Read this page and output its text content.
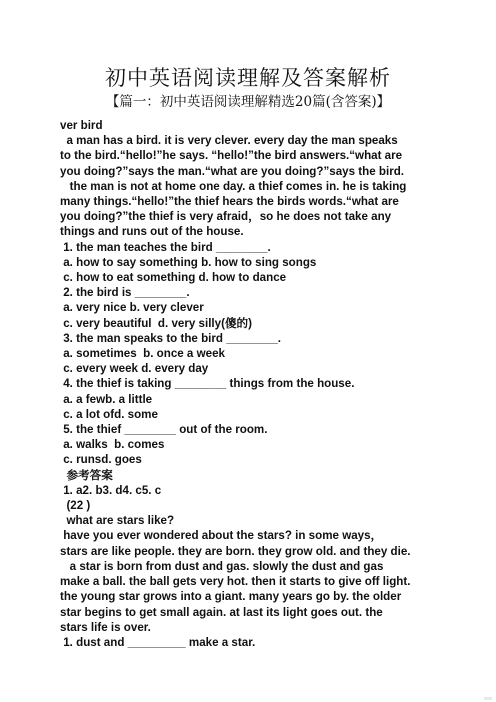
初中英语阅读理解及答案解析
【篇一：初中英语阅读理解精选20篇(含答案)】
ver bird
a man has a bird. it is very clever. every day the man speaks
to the bird.“hello!”he says. “hello!”the bird answers.“what are
you doing?”says the man.“what are you doing?”says the bird.
the man is not at home one day. a thief comes in. he is taking
many things.“hello!”the thief hears the birds words.“what are
you doing?”the thief is very afraid，so he does not take any
things and runs out of the house.
1. the man teaches the bird ________.
a. how to say something b. how to sing songs
c. how to eat something d. how to dance
2. the bird is ________.
a. very nice b. very clever
c. very beautiful  d. very silly(傻的)
3. the man speaks to the bird ________.
a. sometimes  b. once a week
c. every week d. every day
4. the thief is taking ________ things from the house.
a. a fewb. a little
c. a lot ofd. some
5. the thief ________ out of the room.
a. walks  b. comes
c. runsd. goes
参考答案
1. a2. b3. d4. c5. c
(22 )
what are stars like?
have you ever wondered about the stars? in some ways，
stars are like people. they are born. they grow old. and they die.
a star is born from dust and gas. slowly the dust and gas
make a ball. the ball gets very hot. then it starts to give off light.
the young star grows into a giant. many years go by. the older
star begins to get small again. at last its light goes out. the
stars life is over.
1. dust and _________ make a star.
